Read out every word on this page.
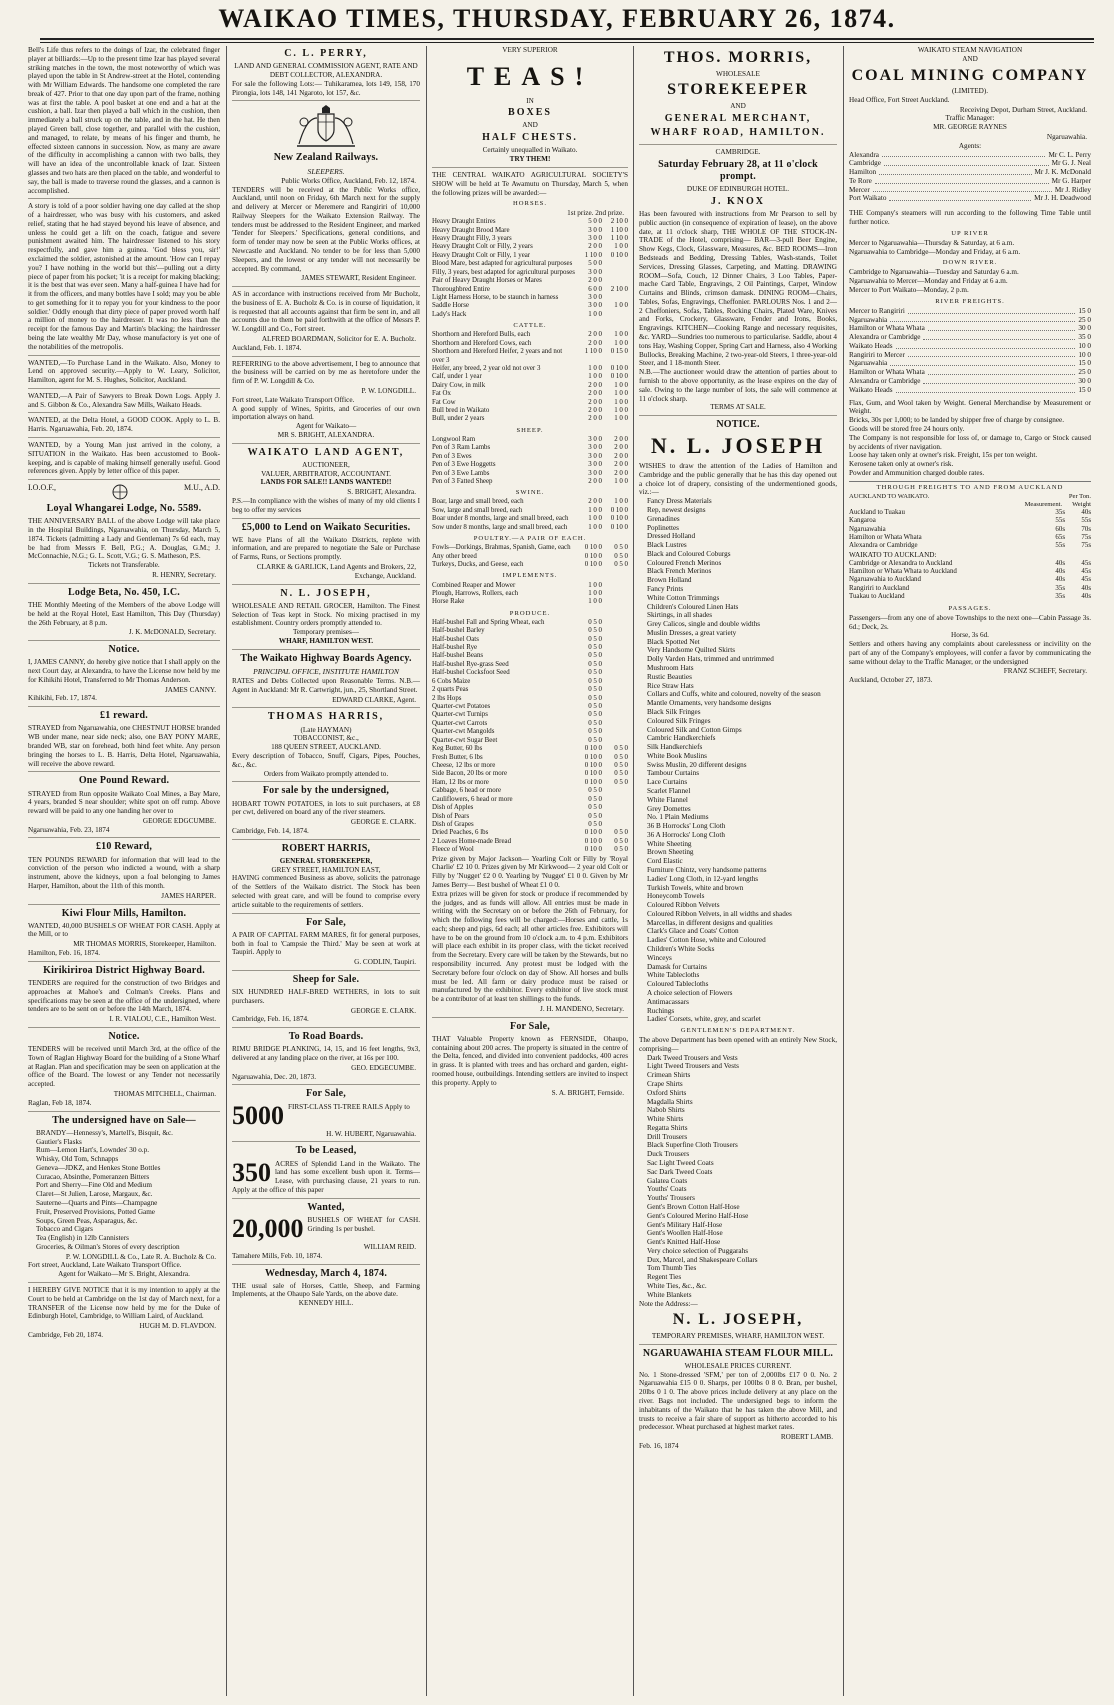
WAIKAO TIMES, THURSDAY, FEBRUARY 26, 1874.

Bell's Life thus refers to the doings of Izar, the celebrated finger player at billiards:—Up to the present time Izar has played several striking matches in the town, the most noteworthy of which was played upon the table in St Andrew-street at the Hotel, contending with Mr William Edwards. The handsome one completed the rare break of 427. Prior to that one day upon part of the frame, nothing was at first the table. A pool basket at one end and a hat at the cushion, a ball. Izar then played a ball which in the cushion, then immediately a ball struck up on the table, and in the hat. He then played Green ball, close together, and parallel with the cushion, and managed, to relate, by means of his finger and thumb, he effected sixteen cannons in succession. Now, as many are aware of the difficulty in accomplishing a cannon with two balls, they will have an idea of the uncontrollable knack of Izar. Sixteen glasses and two hats are then placed on the table, and wonderful to say, the ball is made to traverse round the glasses, and a cannon is accomplished.

A story is told of a poor soldier having one day called at the shop of a hairdresser, who was busy with his customers, and asked relief, stating that he had stayed beyond his leave of absence, and unless he could get a lift on the coach, fatigue and severe punishment awaited him. The hairdresser listened to his story respectfully, and gave him a guinea. 'God bless you, sir!' exclaimed the soldier, astonished at the amount. 'How can I repay you? I have nothing in the world but this'—pulling out a dirty piece of paper from his pocket; 'it is a receipt for making blacking; it is the best that was ever seen. Many a half-guinea I have had for it from the officers, and many bottles have I sold; may you be able to get something for it to repay you for your kindness to the poor soldier.' Oddly enough that dirty piece of paper proved worth half a million of money to the hairdresser. It was no less than the receipt for the famous Day and Martin's blacking; the hairdresser being the late wealthy Mr Day, whose manufactory is yet one of the notabilities of the metropolis.

WANTED,—To Purchase Land in the Waikato. Also, Money to Lend on approved security.—Apply to W. Leary, Solicitor, Hamilton, agent for M. S. Hughes, Solicitor, Auckland.

WANTED,—A Pair of Sawyers to Break Down Logs. Apply J. and S. Gibbon & Co., Alexandra Saw Mills, Waikato Heads.

WANTED, at the Delta Hotel, a GOOD COOK. Apply to L. B. Harris. Ngaruawahia, Feb. 20, 1874.

WANTED, by a Young Man just arrived in the colony, a SITUATION in the Waikato. Has been accustomed to Book-keeping, and is capable of making himself generally useful. Good references given. Apply by letter office of this paper.

I.O.O.F.,	M.U., A.D.
Loyal Whangarei Lodge, No. 5589.

THE ANNIVERSARY BALL of the above Lodge will take place in the Hospital Buildings, Ngaruawahia, on Thursday, March 5, 1874. Tickets (admitting a Lady and Gentleman) 7s 6d each, may be had from Messrs F. Bell, P.G.; A. Douglas, G.M.; J. McConnachie, N.G.; G. L. Scott, V.G.; G. S. Matheson, P.S.

Tickets not Transferable.
R. HENRY, Secretary.
Lodge Beta, No. 450, I.C.

THE Monthly Meeting of the Members of the above Lodge will be held at the Royal Hotel, East Hamilton, This Day (Thursday) the 26th February, at 8 p.m.

J. K. McDONALD, Secretary.
Notice.

I, JAMES CANNY, do hereby give notice that I shall apply on the next Court day, at Alexandra, to have the License now held by me for Kihikihi Hotel, Transferred to Mr Thomas Anderson.

JAMES CANNY.
Kihikihi, Feb. 17, 1874.
£1 reward.

STRAYED from Ngaruawahia, one CHESTNUT HORSE branded WB under mane, near side neck; also, one BAY PONY MARE, branded WB, star on forehead, both hind feet white. Any person bringing the horses to L. B. Harris, Delta Hotel, Ngaruawahia, will receive the above reward.

One Pound Reward.

STRAYED from Run opposite Waikato Coal Mines, a Bay Mare, 4 years, branded S near shoulder; white spot on off rump. Above reward will be paid to any one handing her over to

GEORGE EDGCUMBE.
Ngaruawahia, Feb. 23, 1874
£10 Reward,

TEN POUNDS REWARD for information that will lead to the conviction of the person who indicted a wound, with a sharp instrument, above the kidneys, upon a foal belonging to James Harper, Hamilton, about the 11th of this month.

JAMES HARPER.
Kiwi Flour Mills, Hamilton.

WANTED, 40,000 BUSHELS OF WHEAT FOR CASH. Apply at the Mill, or to

MR THOMAS MORRIS, Storekeeper, Hamilton.
Hamilton, Feb. 16, 1874.
Kirikiriroa District Highway Board.

TENDERS are required for the construction of two Bridges and approaches at Mahoe's and Colman's Creeks. Plans and specifications may be seen at the office of the undersigned, where tenders are to be sent on or before the 14th March, 1874.

I. R. VIALOU, C.E., Hamilton West.
Notice.

TENDERS will be received until March 3rd, at the office of the Town of Raglan Highway Board for the building of a Stone Wharf at Raglan. Plan and specification may be seen on application at the office of the Board. The lowest or any Tender not necessarily accepted.

THOMAS MITCHELL, Chairman.
Raglan, Feb 18, 1874.
The undersigned have on Sale—
BRANDY—Hennessy's, Martell's, Bisquit, &c.
Gautier's Flasks
Rum—Lemon Hart's, Lowndes' 30 o.p.
Whisky, Old Tom, Schnapps
Geneva—JDKZ, and Henkes Stone Bottles
Curacao, Absinthe, Pomeranzen Bitters
Port and Sherry—Fine Old and Medium
Claret—St Julien, Larose, Margaux, &c.
Sauterne—Quarts and Pints—Champagne
Fruit, Preserved Provisions, Potted Game
Soups, Green Peas, Asparagus, &c.
Tobacco and Cigars
Tea (English) in 12lb Cannisters
Groceries, & Oilman's Stores of every description
P. W. LONGDILL & Co., Late R. A. Bucholz & Co.
Fort street, Auckland, Late Waikato Transport Office.
Agent for Waikato—Mr S. Bright, Alexandra.

I HEREBY GIVE NOTICE that it is my intention to apply at the Court to be held at Cambridge on the 1st day of March next, for a TRANSFER of the License now held by me for the Duke of Edinburgh Hotel, Cambridge, to William Laird, of Auckland.

HUGH M. D. FLAVDON.
Cambridge, Feb 20, 1874.
C. L. PERRY,

LAND AND GENERAL COMMISSION AGENT, RATE AND DEBT COLLECTOR, ALEXANDRA.

For sale the following Lots:— Tuhikaramea, lots 149, 158, 170 Pirongia, lots 148, 141 Ngaroto, lot 157, &c.

New Zealand Railways.
SLEEPERS.
Public Works Office, Auckland, Feb. 12, 1874.

TENDERS will be received at the Public Works office, Auckland, until noon on Friday, 6th March next for the supply and delivery at Mercer or Meremere and Rangiriri of 10,000 Railway Sleepers for the Waikato Extension Railway. The tenders must be addressed to the Resident Engineer, and marked 'Tender for Sleepers.' Specifications, general conditions, and form of tender may now be seen at the Public Works offices, at Newcastle and Auckland. No tender to be for less than 5,000 Sleepers, and the lowest or any tender will not necessarily be accepted. By command,

JAMES STEWART, Resident Engineer.

AS in accordance with instructions received from Mr Bucholz, the business of E. A. Bucholz & Co. is in course of liquidation, it is requested that all accounts against that firm be sent in, and all accounts due to them be paid forthwith at the office of Messrs P. W. Longdill and Co., Fort street.

ALFRED BOARDMAN, Solicitor for E. A. Bucholz.
Auckland, Feb. 1. 1874.

REFERRING to the above advertisement, I beg to announce that the business will be carried on by me as heretofore under the firm of P. W. Longdill & Co.

P. W. LONGDILL.
Fort street, Late Waikato Transport Office.

A good supply of Wines, Spirits, and Groceries of our own importation always on hand.

Agent for Waikato—
MR S. BRIGHT, ALEXANDRA.
WAIKATO LAND AGENT,
AUCTIONEER,
VALUER, ARBITRATOR, ACCOUNTANT.
LANDS FOR SALE!! LANDS WANTED!!
S. BRIGHT, Alexandra.

P.S.—In compliance with the wishes of many of my old clients I beg to offer my services

£5,000 to Lend on Waikato Securities.

WE have Plans of all the Waikato Districts, replete with information, and are prepared to negotiate the Sale or Purchase of Farms, Runs, or Sections promptly.

CLARKE & GARLICK, Land Agents and Brokers, 22, Exchange, Auckland.
N. L. JOSEPH,

WHOLESALE AND RETAIL GROCER, Hamilton. The Finest Selection of Teas kept in Stock. No mixing practised in my establishment. Country orders promptly attended to.

Temporary premises—
WHARF, HAMILTON WEST.
The Waikato Highway Boards Agency.
PRINCIPAL OFFICE, INSTITUTE HAMILTON

RATES and Debts Collected upon Reasonable Terms. N.B.—Agent in Auckland: Mr R. Cartwright, jun., 25, Shortland Street.

EDWARD CLARKE, Agent.
THOMAS HARRIS,
(Late HAYMAN)
TOBACCONIST, &c.,
188 QUEEN STREET, AUCKLAND.

Every description of Tobacco, Snuff, Cigars, Pipes, Pouches, &c., &c.

Orders from Waikato promptly attended to.
For sale by the undersigned,

HOBART TOWN POTATOES, in lots to suit purchasers, at £8 per cwt, delivered on board any of the river steamers.

GEORGE E. CLARK.
Cambridge, Feb. 14, 1874.
ROBERT HARRIS,
GENERAL STOREKEEPER,
GREY STREET, HAMILTON EAST,

HAVING commenced Business as above, solicits the patronage of the Settlers of the Waikato district. The Stock has been selected with great care, and will be found to comprise every article suitable to the requirements of settlers.

For Sale,

A PAIR OF CAPITAL FARM MARES, fit for general purposes, both in foal to 'Campsie the Third.' May be seen at work at Taupiri. Apply to

G. CODLIN, Taupiri.
Sheep for Sale.

SIX HUNDRED HALF-BRED WETHERS, in lots to suit purchasers.

GEORGE E. CLARK.
Cambridge, Feb. 16, 1874.
To Road Boards.

RIMU BRIDGE PLANKING, 14, 15, and 16 feet lengths, 9x3, delivered at any landing place on the river, at 16s per 100.

GEO. EDGECUMBE.
Ngaruawahia, Dec. 20, 1873.
For Sale,
5000 FIRST-CLASS TI-TREE RAILS Apply to

H. W. HUBERT, Ngaruawahia.
To be Leased,
350 ACRES of Splendid Land in the Waikato. The land has some excellent bush upon it. Terms—Lease, with purchasing clause, 21 years to run. Apply at the office of this paper

Wanted,
20,000 BUSHELS OF WHEAT for CASH. Grinding 1s per bushel.

WILLIAM REID.
Tamahere Mills, Feb. 10, 1874.
Wednesday, March 4, 1874.

THE usual sale of Horses, Cattle, Sheep, and Farming Implements, at the Ohaupo Sale Yards, on the above date.

KENNEDY HILL.
VERY SUPERIOR
TEAS!
IN
BOXES
AND
HALF CHESTS.
Certainly unequalled in Waikato.
TRY THEM!

THE CENTRAL WAIKATO AGRICULTURAL SOCIETY'S SHOW will be held at Te Awamutu on Thursday, March 5, when the following prizes will be awarded:—

HORSES.
1st prize. 2nd prize.
Heavy Draught Entires	5 0 0	2 10 0
Heavy Draught Brood Mare	3 0 0	1 10 0
Heavy Draught Filly, 3 years	3 0 0	1 10 0
Heavy Draught Colt or Filly, 2 years	2 0 0	1 0 0
Heavy Draught Colt or Filly, 1 year	1 10 0	0 10 0
Blood Mare, best adapted for agricultural purposes	5 0 0	
Filly, 3 years, best adapted for agricultural purposes	3 0 0	
Pair of Heavy Draught Horses or Mares	2 0 0	
Thoroughbred Entire	6 0 0	2 10 0
Light Harness Horse, to be staunch in harness	3 0 0	
Saddle Horse	3 0 0	1 0 0
Lady's Hack	1 0 0	
CATTLE.
Shorthorn and Hereford Bulls, each	2 0 0	1 0 0
Shorthorn and Hereford Cows, each	2 0 0	1 0 0
Shorthorn and Hereford Heifer, 2 years and not over 3	1 10 0	0 15 0
Heifer, any breed, 2 year old not over 3	1 0 0	0 10 0
Calf, under 1 year	1 0 0	0 10 0
Dairy Cow, in milk	2 0 0	1 0 0
Fat Ox	2 0 0	1 0 0
Fat Cow	2 0 0	1 0 0
Bull bred in Waikato	2 0 0	1 0 0
Bull, under 2 years	2 0 0	1 0 0
SHEEP.
Longwool Ram	3 0 0	2 0 0
Pen of 3 Ram Lambs	3 0 0	2 0 0
Pen of 3 Ewes	3 0 0	2 0 0
Pen of 3 Ewe Hoggetts	3 0 0	2 0 0
Pen of 3 Ewe Lambs	3 0 0	2 0 0
Pen of 3 Fatted Sheep	2 0 0	1 0 0
SWINE.
Boar, large and small breed, each	2 0 0	1 0 0
Sow, large and small breed, each	1 0 0	0 10 0
Boar under 8 months, large and small breed, each	1 0 0	0 10 0
Sow under 8 months, large and small breed, each	1 0 0	0 10 0
POULTRY.—A PAIR OF EACH.
Fowls—Dorkings, Brahmas, Spanish, Game, each	0 10 0	0 5 0
Any other breed	0 10 0	0 5 0
Turkeys, Ducks, and Geese, each	0 10 0	0 5 0
IMPLEMENTS.
Combined Reaper and Mower	1 0 0	
Plough, Harrows, Rollers, each	1 0 0	
Horse Rake	1 0 0	
PRODUCE.
Half-bushel Fall and Spring Wheat, each	0 5 0	
Half-bushel Barley	0 5 0	
Half-bushel Oats	0 5 0	
Half-bushel Rye	0 5 0	
Half-bushel Beans	0 5 0	
Half-bushel Rye-grass Seed	0 5 0	
Half-bushel Cocksfoot Seed	0 5 0	
6 Cobs Maize	0 5 0	
2 quarts Peas	0 5 0	
2 lbs Hops	0 5 0	
Quarter-cwt Potatoes	0 5 0	
Quarter-cwt Turnips	0 5 0	
Quarter-cwt Carrots	0 5 0	
Quarter-cwt Mangolds	0 5 0	
Quarter-cwt Sugar Beet	0 5 0	
Keg Butter, 60 lbs	0 10 0	0 5 0
Fresh Butter, 6 lbs	0 10 0	0 5 0
Cheese, 12 lbs or more	0 10 0	0 5 0
Side Bacon, 20 lbs or more	0 10 0	0 5 0
Ham, 12 lbs or more	0 10 0	0 5 0
Cabbage, 6 head or more	0 5 0	
Cauliflowers, 6 head or more	0 5 0	
Dish of Apples	0 5 0	
Dish of Pears	0 5 0	
Dish of Grapes	0 5 0	
Dried Peaches, 6 lbs	0 10 0	0 5 0
2 Loaves Home-made Bread	0 10 0	0 5 0
Fleece of Wool	0 10 0	0 5 0

Prize given by Major Jackson— Yearling Colt or Filly by 'Royal Charlie' £2 10 0. Prizes given by Mr Kirkwood— 2 year old Colt or Filly by 'Nugget' £2 0 0. Yearling by 'Nugget' £1 0 0. Given by Mr James Berry— Best bushel of Wheat £1 0 0.

Extra prizes will be given for stock or produce if recommended by the judges, and as funds will allow. All entries must be made in writing with the Secretary on or before the 26th of February, for which the following fees will be charged:—Horses and cattle, 1s each; sheep and pigs, 6d each; all other articles free. Exhibitors will have to be on the ground from 10 o'clock a.m. to 4 p.m. Exhibitors will place each exhibit in its proper class, with the ticket received from the Secretary. Every care will be taken by the Stewards, but no responsibility incurred. Any protest must be lodged with the Secretary before four o'clock on day of Show. All horses and bulls must be led. All farm or dairy produce must be raised or manufactured by the exhibitor. Every exhibitor of live stock must be a contributor of at least ten shillings to the funds.

J. H. MANDENO, Secretary.
For Sale,

THAT Valuable Property known as FERNSIDE, Ohaupo, containing about 200 acres. The property is situated in the centre of the Delta, fenced, and divided into convenient paddocks, 400 acres in grass. It is planted with trees and has orchard and garden, eight-roomed house, outbuildings. Intending settlers are invited to inspect this property. Apply to

S. A. BRIGHT, Fernside.
THOS. MORRIS,
WHOLESALE
STOREKEEPER
AND
GENERAL MERCHANT,
WHARF ROAD, HAMILTON.
CAMBRIDGE.
Saturday February 28, at 11 o'clock prompt.
DUKE OF EDINBURGH HOTEL.
J. KNOX

Has been favoured with instructions from Mr Pearson to sell by public auction (in consequence of expiration of lease), on the above date, at 11 o'clock sharp, THE WHOLE OF THE STOCK-IN-TRADE of the Hotel, comprising— BAR—3-pull Beer Engine, Show Kegs, Clock, Glassware, Measures, &c. BED ROOMS—Iron Bedsteads and Bedding, Dressing Tables, Wash-stands, Toilet Services, Dressing Glasses, Carpeting, and Matting. DRAWING ROOM—Sofa, Couch, 12 Dinner Chairs, 3 Loo Tables, Paper-mache Card Table, Engravings, 2 Oil Paintings, Carpet, Window Curtains and Blinds, crimson damask. DINING ROOM—Chairs, Tables, Sofas, Engravings, Cheffonier. PARLOURS Nos. 1 and 2—2 Cheffoniers, Sofas, Tables, Rocking Chairs, Plated Ware, Knives and Forks, Crockery, Glassware, Fender and Irons, Books, Engravings. KITCHEN—Cooking Range and necessary requisites, &c. YARD—Sundries too numerous to particularise. Saddle, about 4 tons Hay, Washing Copper, Spring Cart and Harness, also 4 Working Bullocks, Breaking Machine, 2 two-year-old Steers, 1 three-year-old Steer, and 1 18-month Steer.

N.B.—The auctioneer would draw the attention of parties about to furnish to the above opportunity, as the lease expires on the day of sale. Owing to the large number of lots, the sale will commence at 11 o'clock sharp.

TERMS AT SALE.
NOTICE.
N. L. JOSEPH

WISHES to draw the attention of the Ladies of Hamilton and Cambridge and the public generally that he has this day opened out a choice lot of drapery, consisting of the undermentioned goods, viz.:—

Fancy Dress Materials
Rep, newest designs
Grenadines
Poplinettes
Dressed Holland
Black Lustres
Black and Coloured Coburgs
Coloured French Merinos
Black French Merinos
Brown Holland
Fancy Prints
White Cotton Trimmings
Children's Coloured Linen Hats
Skirtings, in all shades
Grey Calicos, single and double widths
Muslin Dresses, a great variety
Black Spotted Net
Very Handsome Quilted Skirts
Dolly Varden Hats, trimmed and untrimmed
Mushroom Hats
Rustic Beauties
Rice Straw Hats
Collars and Cuffs, white and coloured, novelty of the season
Mantle Ornaments, very handsome designs
Black Silk Fringes
Coloured Silk Fringes
Coloured Silk and Cotton Gimps
Cambric Handkerchiefs
Silk Handkerchiefs
White Book Muslins
Swiss Muslin, 20 different designs
Tambour Curtains
Lace Curtains
Scarlet Flannel
White Flannel
Grey Domettes
No. 1 Plain Mediums
36 B Horrocks' Long Cloth
36 A Horrocks' Long Cloth
White Sheeting
Brown Sheeting
Cord Elastic
Furniture Chintz, very handsome patterns
Ladies' Long Cloth, in 12-yard lengths
Turkish Towels, white and brown
Honeycomb Towels
Coloured Ribbon Velvets
Coloured Ribbon Velvets, in all widths and shades
Marcellas, in different designs and qualities
Clark's Glace and Coats' Cotton
Ladies' Cotton Hose, white and Coloured
Children's White Socks
Winceys
Damask for Curtains
White Tablecloths
Coloured Tablecloths
A choice selection of Flowers
Antimacassars
Ruchings
Ladies' Corsets, white, grey, and scarlet
GENTLEMEN'S DEPARTMENT.

The above Department has been opened with an entirely New Stock, comprising—

Dark Tweed Trousers and Vests
Light Tweed Trousers and Vests
Crimean Shirts
Crape Shirts
Oxford Shirts
Magdalla Shirts
Nabob Shirts
White Shirts
Regatta Shirts
Drill Trousers
Black Superfine Cloth Trousers
Duck Trousers
Sac Light Tweed Coats
Sac Dark Tweed Coats
Galatea Coats
Youths' Coats
Youths' Trousers
Gent's Brown Cotton Half-Hose
Gent's Coloured Merino Half-Hose
Gent's Military Half-Hose
Gent's Woollen Half-Hose
Gent's Knitted Half-Hose
Very choice selection of Puggarahs
Dux, Marcel, and Shakespeare Collars
Tom Thumb Ties
Regent Ties
White Ties, &c., &c.
White Blankets
Note the Address:—
N. L. JOSEPH,
TEMPORARY PREMISES, WHARF, HAMILTON WEST.
NGARUAWAHIA STEAM FLOUR MILL.
WHOLESALE PRICES CURRENT.

No. 1 Stone-dressed 'SFM,' per ton of 2,000lbs £17 0 0. No. 2 Ngaruawahia £15 0 0. Sharps, per 100lbs 0 8 0. Bran, per bushel, 20lbs 0 1 0. The above prices include delivery at any place on the river. Bags not included. The undersigned begs to inform the inhabitants of the Waikato that he has taken the above Mill, and trusts to receive a fair share of support as hitherto accorded to his predecessor. Wheat purchased at highest market rates.

ROBERT LAMB.
Feb. 16, 1874
WAIKATO STEAM NAVIGATION
AND
COAL MINING COMPANY
(LIMITED).
Head Office, Fort Street Auckland.
Receiving Depot, Durham Street, Auckland.
Traffic Manager:
MR. GEORGE RAYNES
Ngaruawahia.
Agents:
Alexandra	Mr C. L. Perry
Cambridge	Mr G. J. Neal
Hamilton	Mr J. K. McDonald
Te Rore	Mr G. Harper
Mercer	Mr J. Ridley
Port Waikato	Mr J. H. Deadwood

THE Company's steamers will run according to the following Time Table until further notice.

UP RIVER

Mercer to Ngaruawahia—Thursday & Saturday, at 6 a.m.

Ngaruawahia to Cambridge—Monday and Friday, at 6 a.m.

DOWN RIVER.

Cambridge to Ngaruawahia—Tuesday and Saturday 6 a.m.

Ngaruawahia to Mercer—Monday and Friday at 6 a.m.

Mercer to Port Waikato—Monday, 2 p.m.

RIVER FREIGHTS.
Mercer to Rangiriri	15 0
Ngaruawahia	25 0
Hamilton or Whata Whata	30 0
Alexandra or Cambridge	35 0
Waikato Heads	10 0
Rangiriri to Mercer	10 0
Ngaruawahia	15 0
Hamilton or Whata Whata	25 0
Alexandra or Cambridge	30 0
Waikato Heads	15 0

Flax, Gum, and Wool taken by Weight. General Merchandise by Measurement or Weight.

Bricks, 30s per 1,000; to be landed by shipper free of charge by consignee.

Goods will be stored free 24 hours only.

The Company is not responsible for loss of, or damage to, Cargo or Stock caused by accidents of river navigation.

Loose hay taken only at owner's risk. Freight, 15s per ton weight.

Kerosene taken only at owner's risk.

Powder and Ammunition charged double rates.

THROUGH FREIGHTS TO AND FROM AUCKLAND
AUCKLAND TO WAIKATO.	Per Ton.
Measurement. Weight
Auckland to Tuakau	35s	40s
Kangaroa	55s	55s
Ngaruawahia	60s	70s
Hamilton or Whata Whata	65s	75s
Alexandra or Cambridge	55s	75s
WAIKATO TO AUCKLAND:
Cambridge or Alexandra to Auckland	40s	45s
Hamilton or Whata Whata to Auckland	40s	45s
Ngaruawahia to Auckland	40s	45s
Rangiriri to Auckland	35s	40s
Tuakau to Auckland	35s	40s
PASSAGES.

Passengers—from any one of above Townships to the next one—Cabin Passage 3s. 6d.; Deck, 2s.

Horse, 3s 6d.

Settlers and others having any complaints about carelessness or incivility on the part of any of the Company's employees, will confer a favor by communicating the same without delay to the Traffic Manager, or the undersigned

FRANZ SCHEFF, Secretary.
Auckland, October 27, 1873.
